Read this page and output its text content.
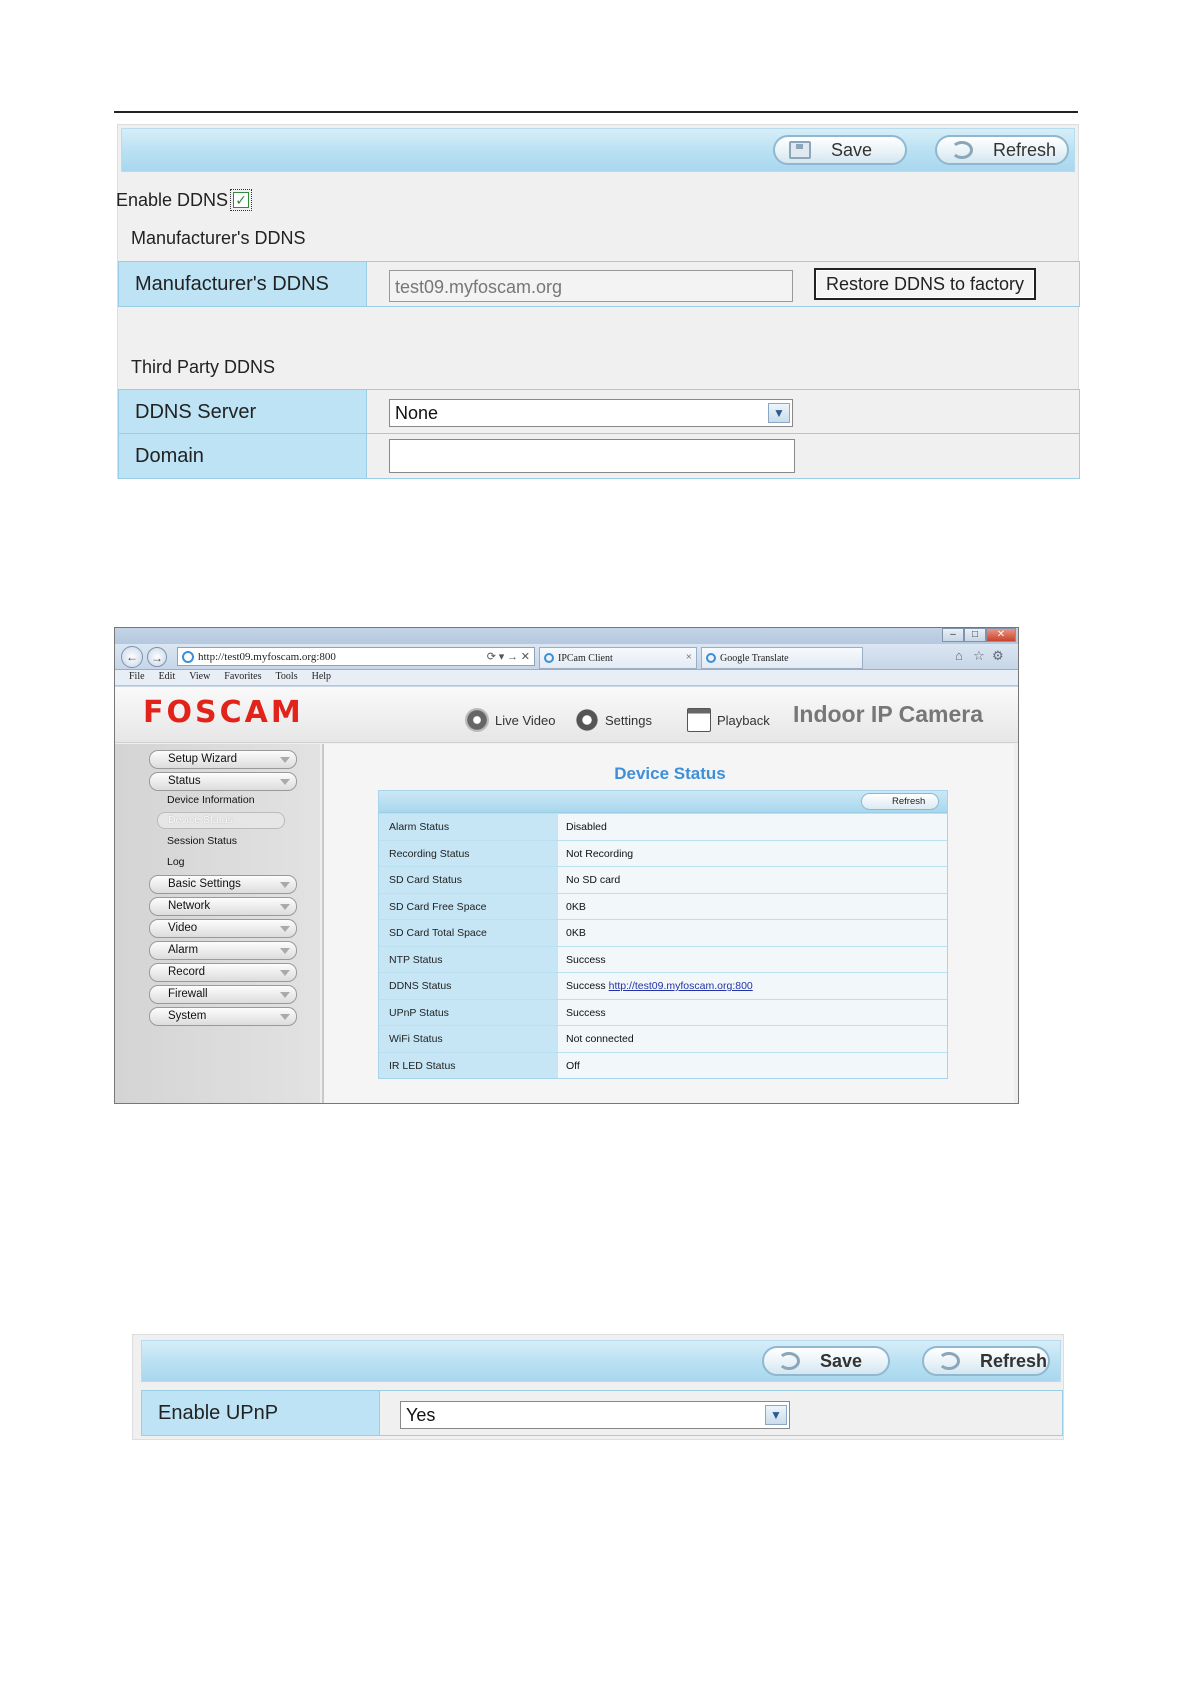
Save	Refresh
Enable DDNS ✓
Manufacturer's DDNS
Manufacturer's DDNS	test09.myfoscam.org	Restore DDNS to factory
Third Party DDNS
DDNS Server	None	▼
Domain
–	□	✕
←	→	http://test09.myfoscam.org:800	⟳ ▾ → ✕	IPCam Client	×	Google Translate	⌂ ☆ ⚙
File Edit View Favorites Tools Help
FOSCAM	Live Video	Settings	Playback Indoor IP Camera
Setup Wizard
Status
Device Information
Device Status
Session Status
Log
Basic Settings
Network
Video
Alarm
Record
Firewall
System
Device Status
Refresh
Alarm Status	Disabled
Recording Status	Not Recording
SD Card Status	No SD card
SD Card Free Space	0KB
SD Card Total Space	0KB
NTP Status	Success
DDNS Status	Success http://test09.myfoscam.org:800
UPnP Status	Success
WiFi Status	Not connected
IR LED Status	Off
Save	Refresh
Enable UPnP	Yes	▼
